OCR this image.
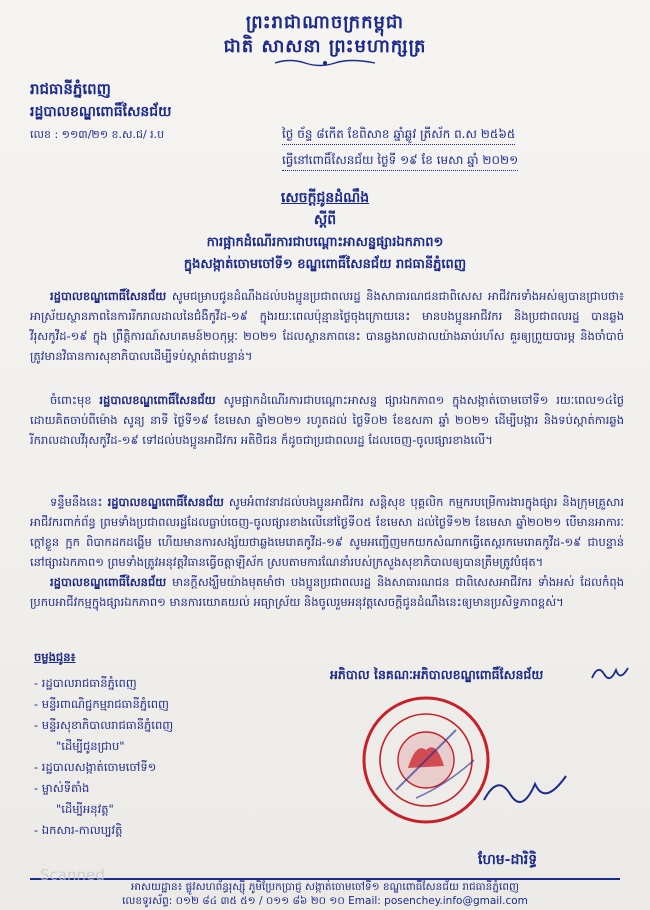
ព្រះរាជាណាចក្រកម្ពុជា
ជាតិ សាសនា ព្រះមហាក្សត្រ
រាជធានីភ្នំពេញ
រដ្ឋបាលខណ្ឌពោធិ៍សែនជ័យ
លេខ : ១១៣/២១ ខ.ស.ជ/ រ.ប	ថ្ងៃ ច័ន្ទ ៨កើត ខែពិសាខ ឆ្នាំឆ្លូវ ត្រីស័ក ព.ស ២៥៦៥
ធ្វើនៅពោធិ៍សែនជ័យ ថ្ងៃទី ១៩ ខែ មេសា ឆ្នាំ ២០២១
សេចក្តីជូនដំណឹង
ស្តីពី
ការផ្អាកដំណើរការជាបណ្តោះអាសន្នផ្សារឯកភាព១
ក្នុងសង្កាត់ចោមចៅទី១ ខណ្ឌពោធិ៍សែនជ័យ រាជធានីភ្នំពេញ
រដ្ឋបាលខណ្ឌពោធិ៍សែនជ័យ សូមជម្រាបជូនដំណឹងដល់បងប្អូនប្រជាពលរដ្ឋ និងសាធារណជនជាពិសេស អាជីវករទាំងអស់ឲ្យបានជ្រាបថា៖ អាស្រ័យស្ថានភាពនៃការរីករាលដាលនៃជំងឺកូវីដ-១៩ ក្នុងរយៈពេលប៉ុន្មានថ្ងៃចុងក្រោយនេះ មានបងប្អូនអាជីវករ និងប្រជាពលរដ្ឋ បានឆ្លងវីរុសកូវីដ-១៩ ក្នុង ព្រឹត្តិការណ៍សហគមន៍២០កុម្ភៈ ២០២១ ដែលស្ថានភាពនេះ បានឆ្លងរាលដាលយ៉ាងឆាប់រហ័ស គួរឲ្យព្រួយបារម្ភ និងចាំបាច់ត្រូវមានវិធានការសុខាភិបាលដើម្បីទប់ស្កាត់ជាបន្ទាន់។
ចំពោះមុខ រដ្ឋបាលខណ្ឌពោធិ៍សែនជ័យ សូមផ្អាកដំណើរការជាបណ្តោះអាសន្ន ផ្សារឯកភាព១ ក្នុងសង្កាត់ចោមចៅទី១ រយៈពេល១៤ថ្ងៃ ដោយគិតចាប់ពីម៉ោង សូន្យ នាទី ថ្ងៃទី១៩ ខែមេសា ឆ្នាំ២០២១ រហូតដល់ ថ្ងៃទី០២ ខែឧសភា ឆ្នាំ ២០២១ ដើម្បីបង្ការ និងទប់ស្កាត់ការឆ្លងរីករាលដាលវីរុសកូវីដ-១៩ ទៅដល់បងប្អូនអាជីវករ អតិថិជន ក៏ដូចជាប្រជាពលរដ្ឋ ដែលចេញ-ចូលផ្សារខាងលើ។
ទន្ទឹមនឹងនេះ រដ្ឋបាលខណ្ឌពោធិ៍សែនជ័យ សូមអំពាវនាវដល់បងប្អូនអាជីវករ សន្តិសុខ បុគ្គលិក កម្មករបម្រើការងារក្នុងផ្សារ និងក្រុមគ្រួសារអាជីវករពាក់ព័ន្ធ ព្រមទាំងប្រជាពលរដ្ឋដែលធ្លាប់ចេញ-ចូលផ្សារខាងលើនៅថ្ងៃទី០៥ ខែមេសា ដល់ថ្ងៃទី១២ ខែមេសា ឆ្នាំ២០២១ បើមានអាការៈក្តៅខ្លួន ក្អក ពិបាកដកដង្ហើម ហើយមានការសង្ស័យថាឆ្លងមេរោគកូវីដ-១៩ សូមអញ្ជើញមកយកសំណាកធ្វើតេស្តរកមេរោគកូវីដ-១៩ ជាបន្ទាន់នៅផ្សារឯកភាព១ ព្រមទាំងត្រូវអនុវត្តវិធានធ្វើចត្តាឡីស័ក ស្របតាមការណែនាំរបស់ក្រសួងសុខាភិបាលឲ្យបានត្រឹមត្រូវបំផុត។
រដ្ឋបាលខណ្ឌពោធិ៍សែនជ័យ មានក្តីសង្ឃឹមយ៉ាងមុតមាំថា បងប្អូនប្រជាពលរដ្ឋ និងសាធារណជន ជាពិសេសអាជីវករ ទាំងអស់ ដែលកំពុងប្រកបអាជីវកម្មក្នុងផ្សារឯកភាព១ មានការយោគយល់ អធ្យាស្រ័យ និងចូលរួមអនុវត្តសេចក្តីជូនដំណឹងនេះឲ្យមានប្រសិទ្ធភាពខ្ពស់។
ចម្លងជូន៖
- រដ្ឋបាលរាជធានីភ្នំពេញ
- មន្ទីរពាណិជ្ជកម្មរាជធានីភ្នំពេញ
- មន្ទីរសុខាភិបាលរាជធានីភ្នំពេញ
"ដើម្បីជូនជ្រាប"
- រដ្ឋបាលសង្កាត់ចោមចៅទី១
- ម្ចាស់ទីតាំង
"ដើម្បីអនុវត្ត"
- ឯកសារ-កាលប្បវត្តិ
អភិបាល នៃគណៈអភិបាលខណ្ឌពោធិ៍សែនជ័យ
ហែម-ដារិទ្ធិ
អាសយដ្ឋាន៖ ផ្លូវសហព័ន្ធរុស្ស៊ី ភូមិប្រែកប្រាជ្ញ សង្កាត់ចោមចៅទី១ ខណ្ឌពោធិ៍សែនជ័យ រាជធានីភ្នំពេញ
លេខទូរស័ព្ទ: ០១២ ៨៤ ៣៥ ៥១ / ០១១ ៨៦ ២០ ១០ Email: posenchey.info@gmail.com
Scanned
